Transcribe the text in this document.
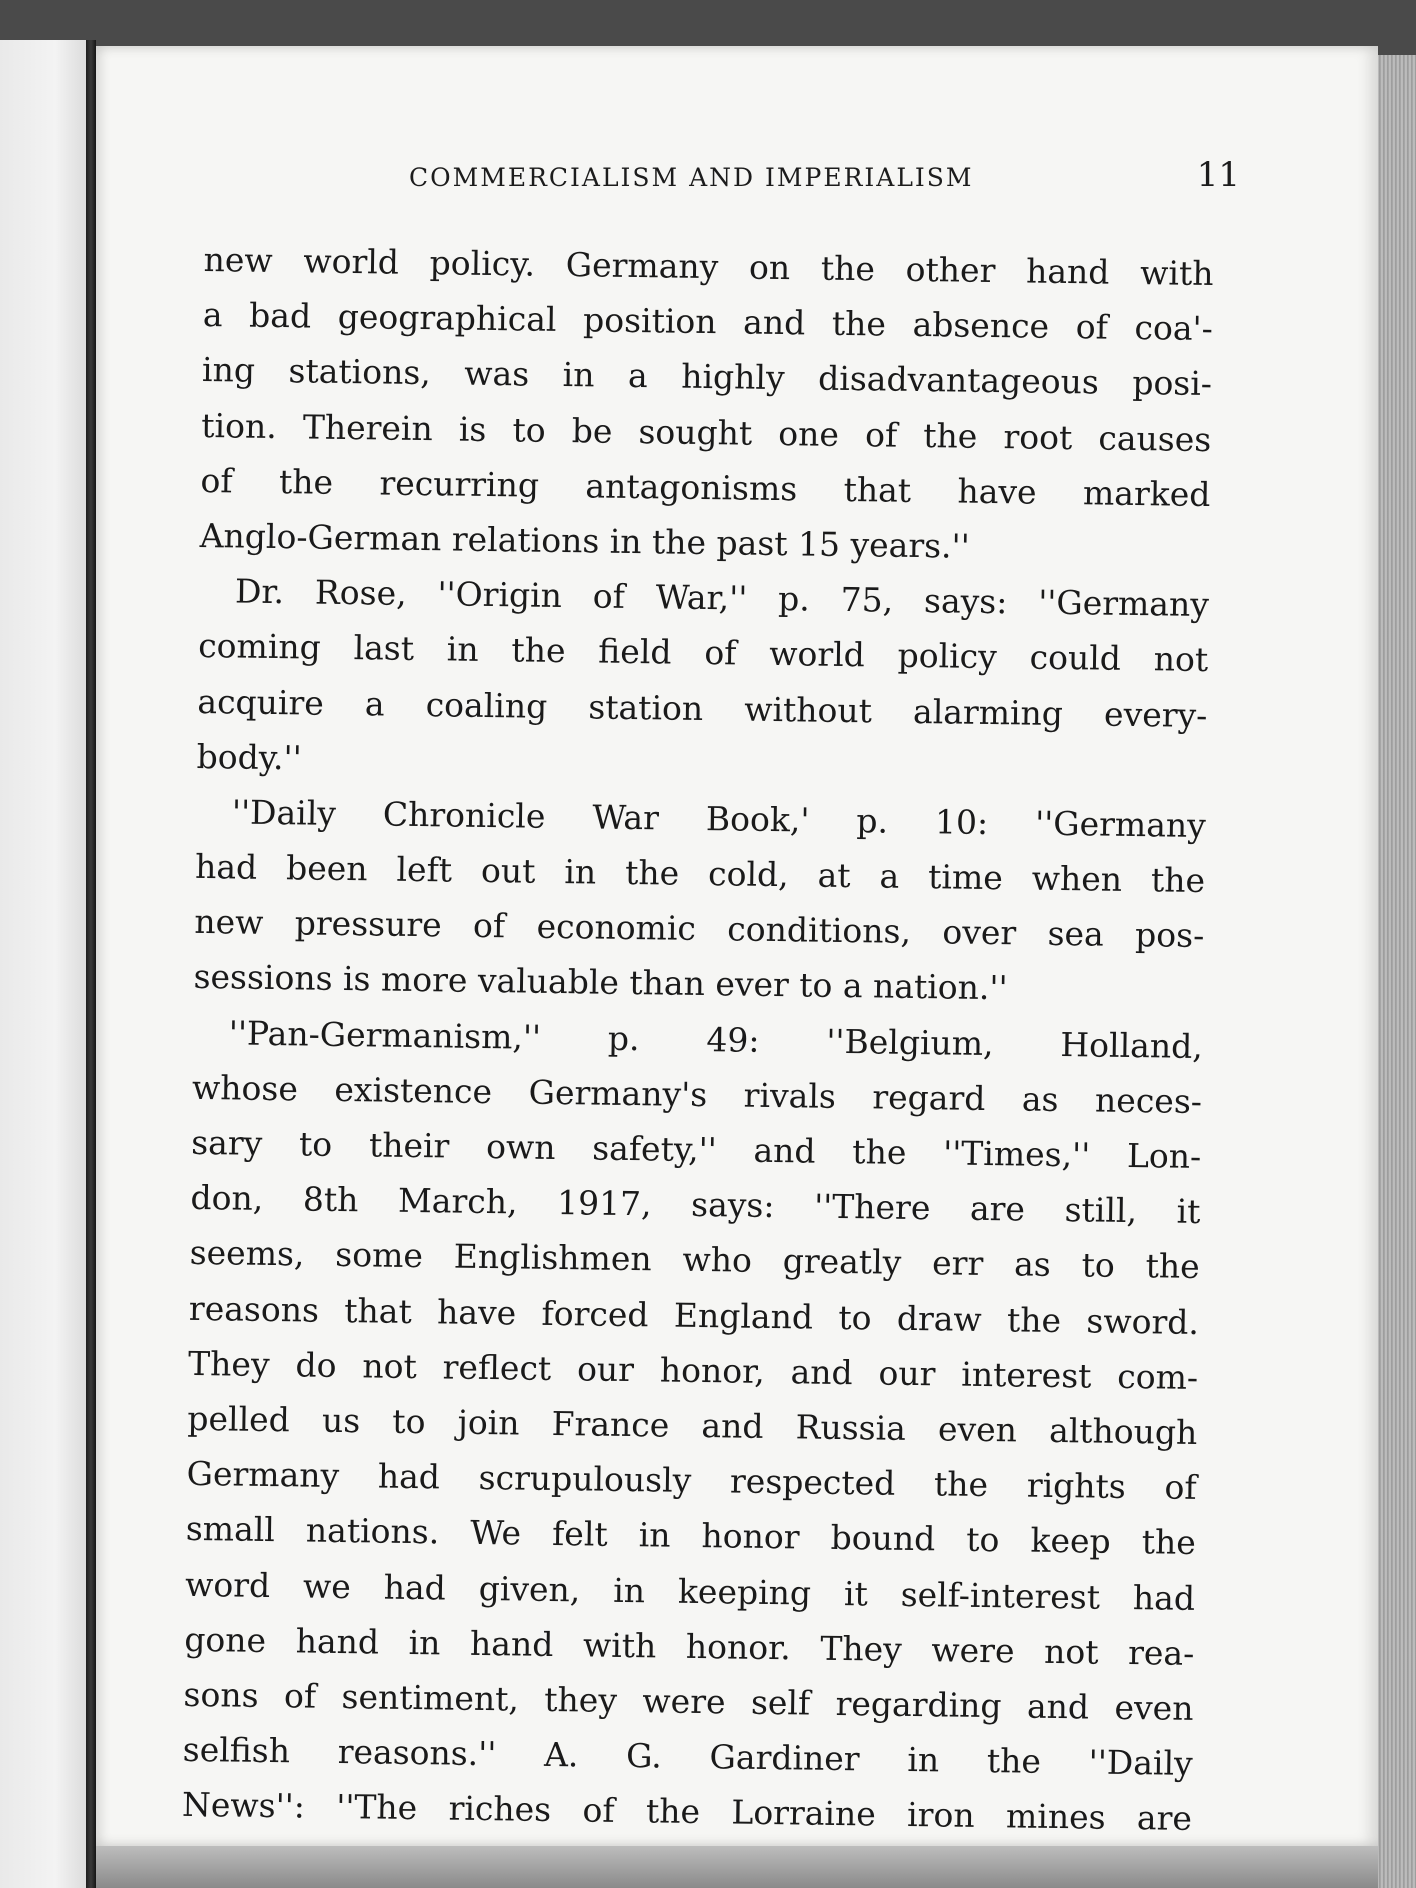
COMMERCIALISM AND IMPERIALISM	11
new world policy. Germany on the other hand with
a bad geographical position and the absence of coa'-
ing stations, was in a highly disadvantageous posi-
tion. Therein is to be sought one of the root causes
of the recurring antagonisms that have marked
Anglo-German relations in the past 15 years.''
Dr. Rose, ''Origin of War,'' p. 75, says: ''Germany
coming last in the field of world policy could not
acquire a coaling station without alarming every-
body.''
''Daily Chronicle War Book,' p. 10: ''Germany
had been left out in the cold, at a time when the
new pressure of economic conditions, over sea pos-
sessions is more valuable than ever to a nation.''
''Pan-Germanism,'' p. 49: ''Belgium, Holland,
whose existence Germany's rivals regard as neces-
sary to their own safety,'' and the ''Times,'' Lon-
don, 8th March, 1917, says: ''There are still, it
seems, some Englishmen who greatly err as to the
reasons that have forced England to draw the sword.
They do not reflect our honor, and our interest com-
pelled us to join France and Russia even although
Germany had scrupulously respected the rights of
small nations. We felt in honor bound to keep the
word we had given, in keeping it self-interest had
gone hand in hand with honor. They were not rea-
sons of sentiment, they were self regarding and even
selfish reasons.'' A. G. Gardiner in the ''Daily
News'': ''The riches of the Lorraine iron mines are
